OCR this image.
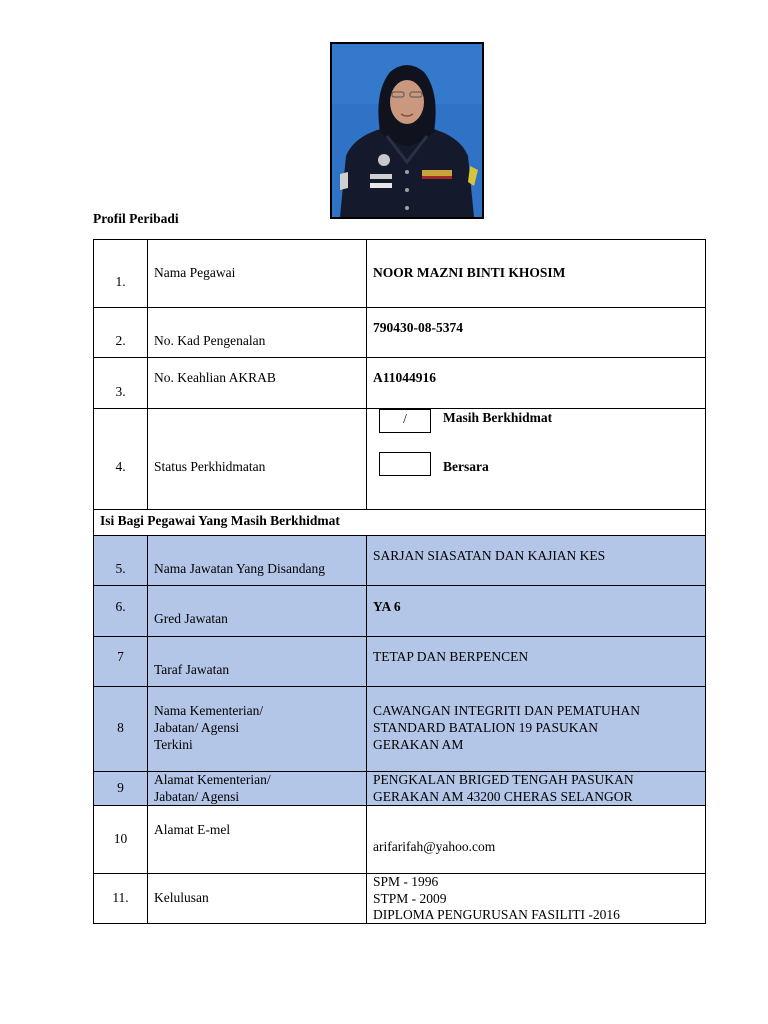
Profil Peribadi
1.	Nama Pegawai	NOOR MAZNI BINTI KHOSIM

2.	No. Kad Pengenalan	790430-08-5374

3.	No. Keahlian AKRAB	A11044916

4.	Status Perkhidmatan	/ Masih Berkhidmat
Bersara

Isi Bagi Pegawai Yang Masih Berkhidmat		

5.	Nama Jawatan Yang Disandang	SARJAN SIASATAN DAN KAJIAN KES

6.	Gred Jawatan	YA 6

7	Taraf Jawatan	TETAP DAN BERPENCEN

8	Nama Kementerian/
Jabatan/ Agensi
Terkini	CAWANGAN INTEGRITI DAN PEMATUHAN
STANDARD BATALION 19 PASUKAN
GERAKAN AM

9	Alamat Kementerian/
Jabatan/ Agensi	PENGKALAN BRIGED TENGAH PASUKAN
GERAKAN AM 43200 CHERAS SELANGOR

10	Alamat E-mel	arifarifah@yahoo.com

11.	Kelulusan	SPM - 1996
STPM - 2009
DIPLOMA PENGURUSAN FASILITI -2016
